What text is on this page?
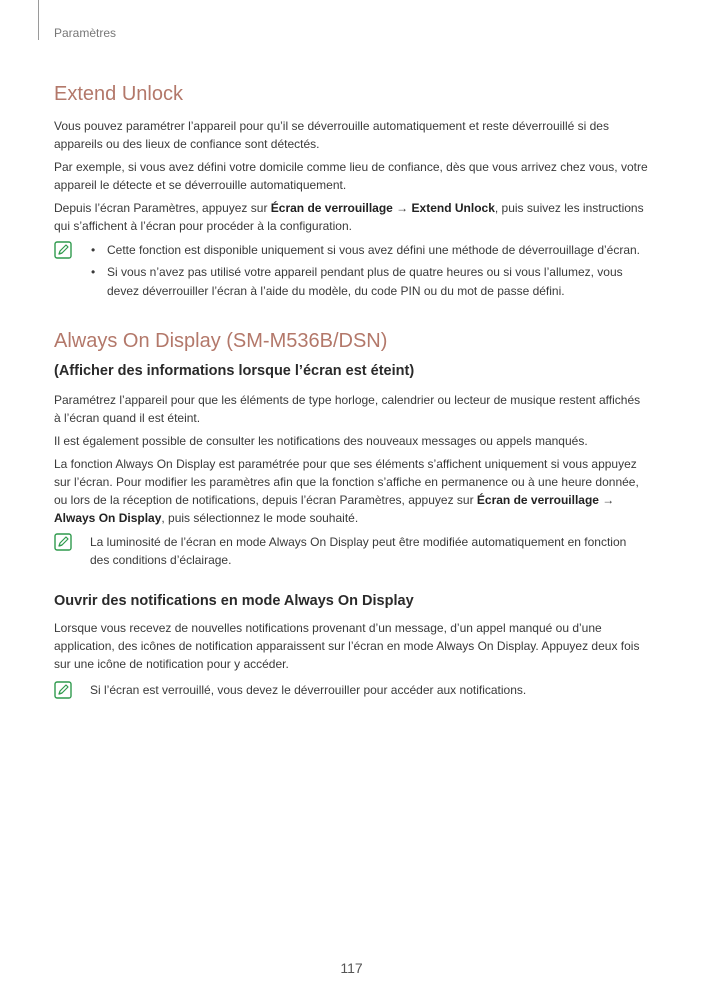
Paramètres
Extend Unlock

Vous pouvez paramétrer l’appareil pour qu’il se déverrouille automatiquement et reste déverrouillé si des appareils ou des lieux de confiance sont détectés.

Par exemple, si vous avez défini votre domicile comme lieu de confiance, dès que vous arrivez chez vous, votre appareil le détecte et se déverrouille automatiquement.

Depuis l’écran Paramètres, appuyez sur Écran de verrouillage → Extend Unlock, puis suivez les instructions qui s’affichent à l’écran pour procéder à la configuration.

• Cette fonction est disponible uniquement si vous avez défini une méthode de déverrouillage d’écran.
• Si vous n’avez pas utilisé votre appareil pendant plus de quatre heures ou si vous l’allumez, vous devez déverrouiller l’écran à l’aide du modèle, du code PIN ou du mot de passe défini.
Always On Display (SM-M536B/DSN)
(Afficher des informations lorsque l’écran est éteint)

Paramétrez l’appareil pour que les éléments de type horloge, calendrier ou lecteur de musique restent affichés à l’écran quand il est éteint.

Il est également possible de consulter les notifications des nouveaux messages ou appels manqués.

La fonction Always On Display est paramétrée pour que ses éléments s’affichent uniquement si vous appuyez sur l’écran. Pour modifier les paramètres afin que la fonction s’affiche en permanence ou à une heure donnée, ou lors de la réception de notifications, depuis l’écran Paramètres, appuyez sur Écran de verrouillage → Always On Display, puis sélectionnez le mode souhaité.

La luminosité de l’écran en mode Always On Display peut être modifiée automatiquement en fonction des conditions d’éclairage.

Ouvrir des notifications en mode Always On Display

Lorsque vous recevez de nouvelles notifications provenant d’un message, d’un appel manqué ou d’une application, des icônes de notification apparaissent sur l’écran en mode Always On Display. Appuyez deux fois sur une icône de notification pour y accéder.

Si l’écran est verrouillé, vous devez le déverrouiller pour accéder aux notifications.

117
